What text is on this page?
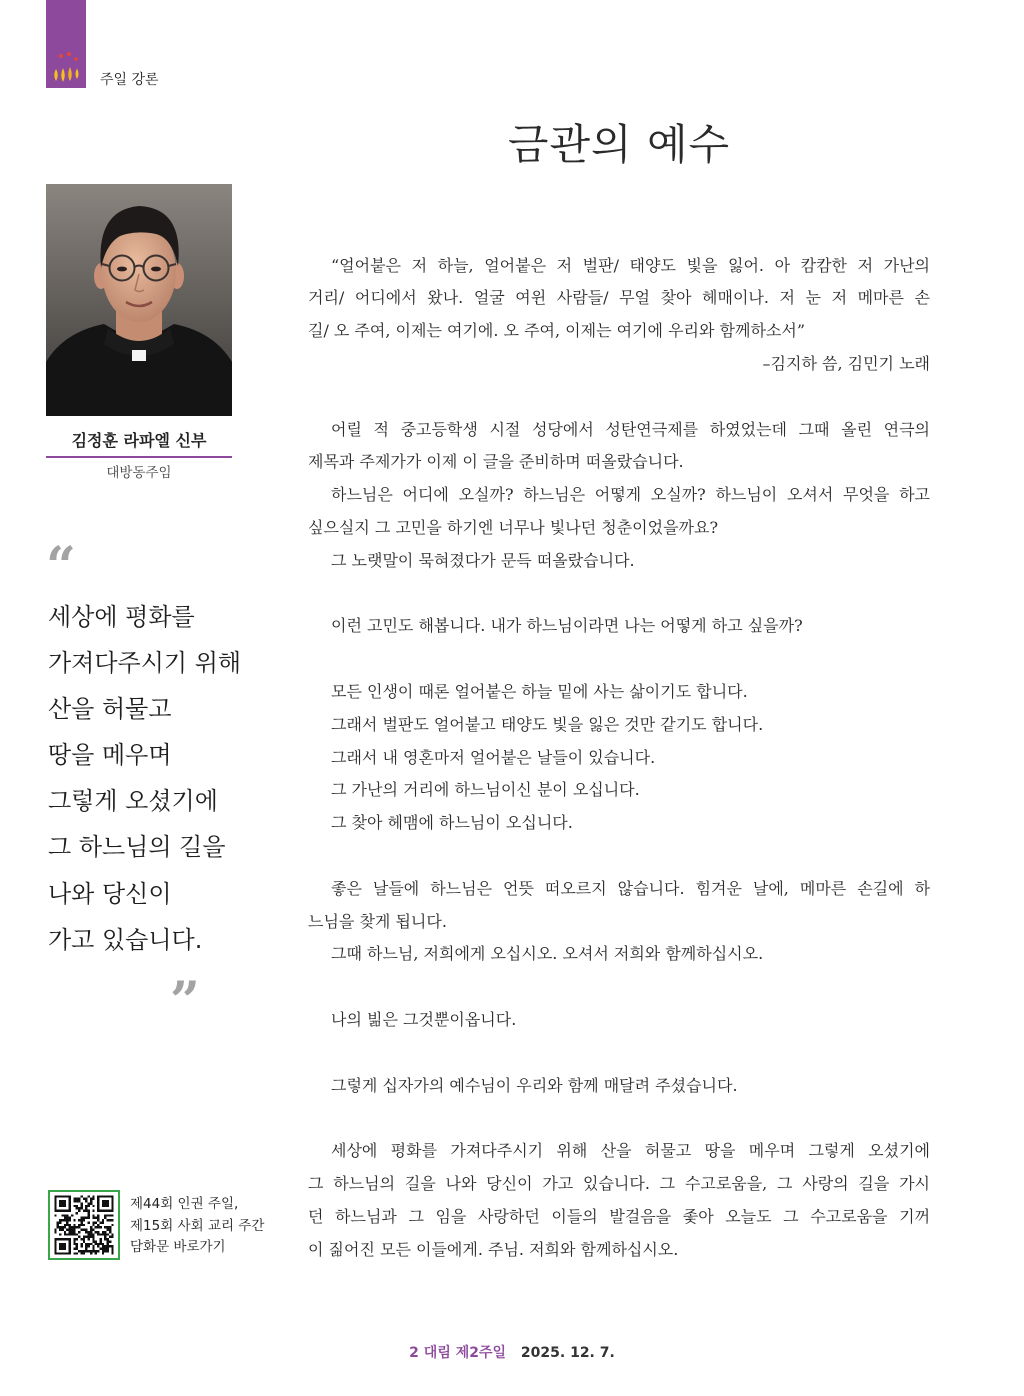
주일 강론
금관의 예수
김정훈 라파엘 신부
대방동주임
“
세상에 평화를
가져다주시기 위해
산을 허물고
땅을 메우며
그렇게 오셨기에
그 하느님의 길을
나와 당신이
가고 있습니다.
”
제44회 인권 주일,
제15회 사회 교리 주간
담화문 바로가기
“얼어붙은 저 하늘, 얼어붙은 저 벌판/ 태양도 빛을 잃어. 아 캄캄한 저 가난의
거리/ 어디에서 왔나. 얼굴 여윈 사람들/ 무얼 찾아 헤매이나. 저 눈 저 메마른 손
길/ 오 주여, 이제는 여기에. 오 주여, 이제는 여기에 우리와 함께하소서”
–김지하 씀, 김민기 노래
어릴 적 중고등학생 시절 성당에서 성탄연극제를 하였었는데 그때 올린 연극의
제목과 주제가가 이제 이 글을 준비하며 떠올랐습니다.
하느님은 어디에 오실까? 하느님은 어떻게 오실까? 하느님이 오셔서 무엇을 하고
싶으실지 그 고민을 하기엔 너무나 빛나던 청춘이었을까요?
그 노랫말이 묵혀졌다가 문득 떠올랐습니다.
이런 고민도 해봅니다. 내가 하느님이라면 나는 어떻게 하고 싶을까?
모든 인생이 때론 얼어붙은 하늘 밑에 사는 삶이기도 합니다.
그래서 벌판도 얼어붙고 태양도 빛을 잃은 것만 같기도 합니다.
그래서 내 영혼마저 얼어붙은 날들이 있습니다.
그 가난의 거리에 하느님이신 분이 오십니다.
그 찾아 헤맴에 하느님이 오십니다.
좋은 날들에 하느님은 언뜻 떠오르지 않습니다. 힘겨운 날에, 메마른 손길에 하
느님을 찾게 됩니다.
그때 하느님, 저희에게 오십시오. 오셔서 저희와 함께하십시오.
나의 빎은 그것뿐이옵니다.
그렇게 십자가의 예수님이 우리와 함께 매달려 주셨습니다.
세상에 평화를 가져다주시기 위해 산을 허물고 땅을 메우며 그렇게 오셨기에
그 하느님의 길을 나와 당신이 가고 있습니다. 그 수고로움을, 그 사랑의 길을 가시
던 하느님과 그 임을 사랑하던 이들의 발걸음을 좇아 오늘도 그 수고로움을 기꺼
이 짊어진 모든 이들에게. 주님. 저희와 함께하십시오.
2 대림 제2주일 2025. 12. 7.
